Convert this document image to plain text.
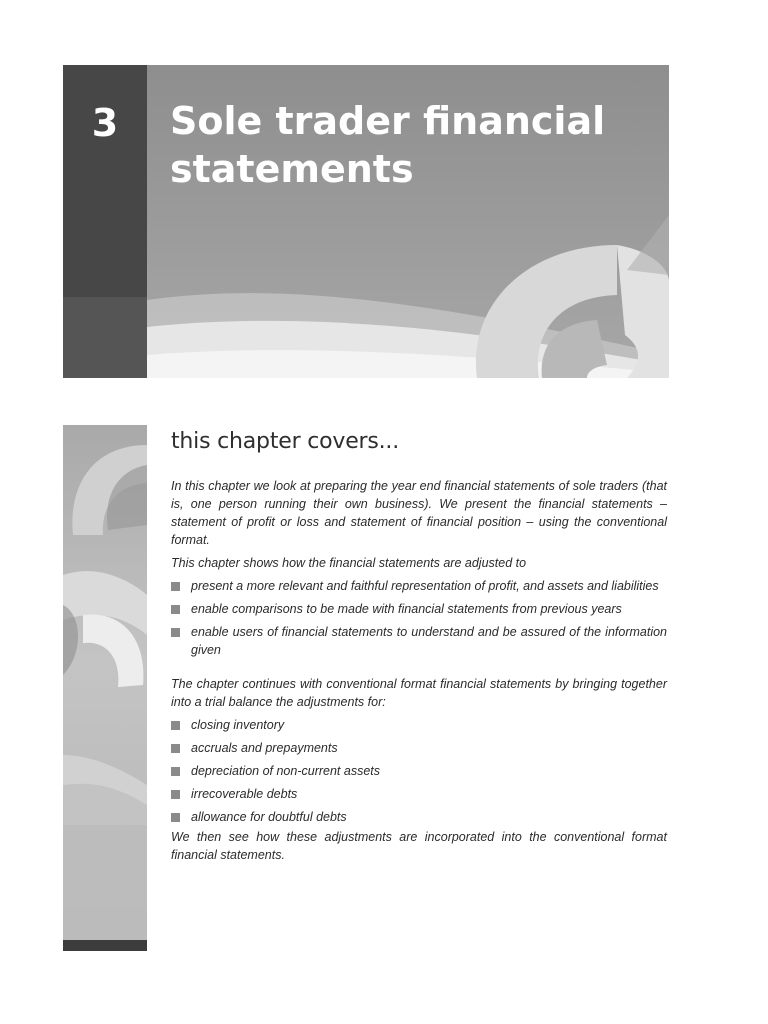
3	Sole trader financial statements
this chapter covers...

In this chapter we look at preparing the year end financial statements of sole traders (that is, one person running their own business). We present the financial statements – statement of profit or loss and statement of financial position – using the conventional format.

This chapter shows how the financial statements are adjusted to

present a more relevant and faithful representation of profit, and assets and liabilities
enable comparisons to be made with financial statements from previous years
enable users of financial statements to understand and be assured of the information given

The chapter continues with conventional format financial statements by bringing together into a trial balance the adjustments for:

closing inventory
accruals and prepayments
depreciation of non-current assets
irrecoverable debts
allowance for doubtful debts

We then see how these adjustments are incorporated into the conventional format financial statements.
